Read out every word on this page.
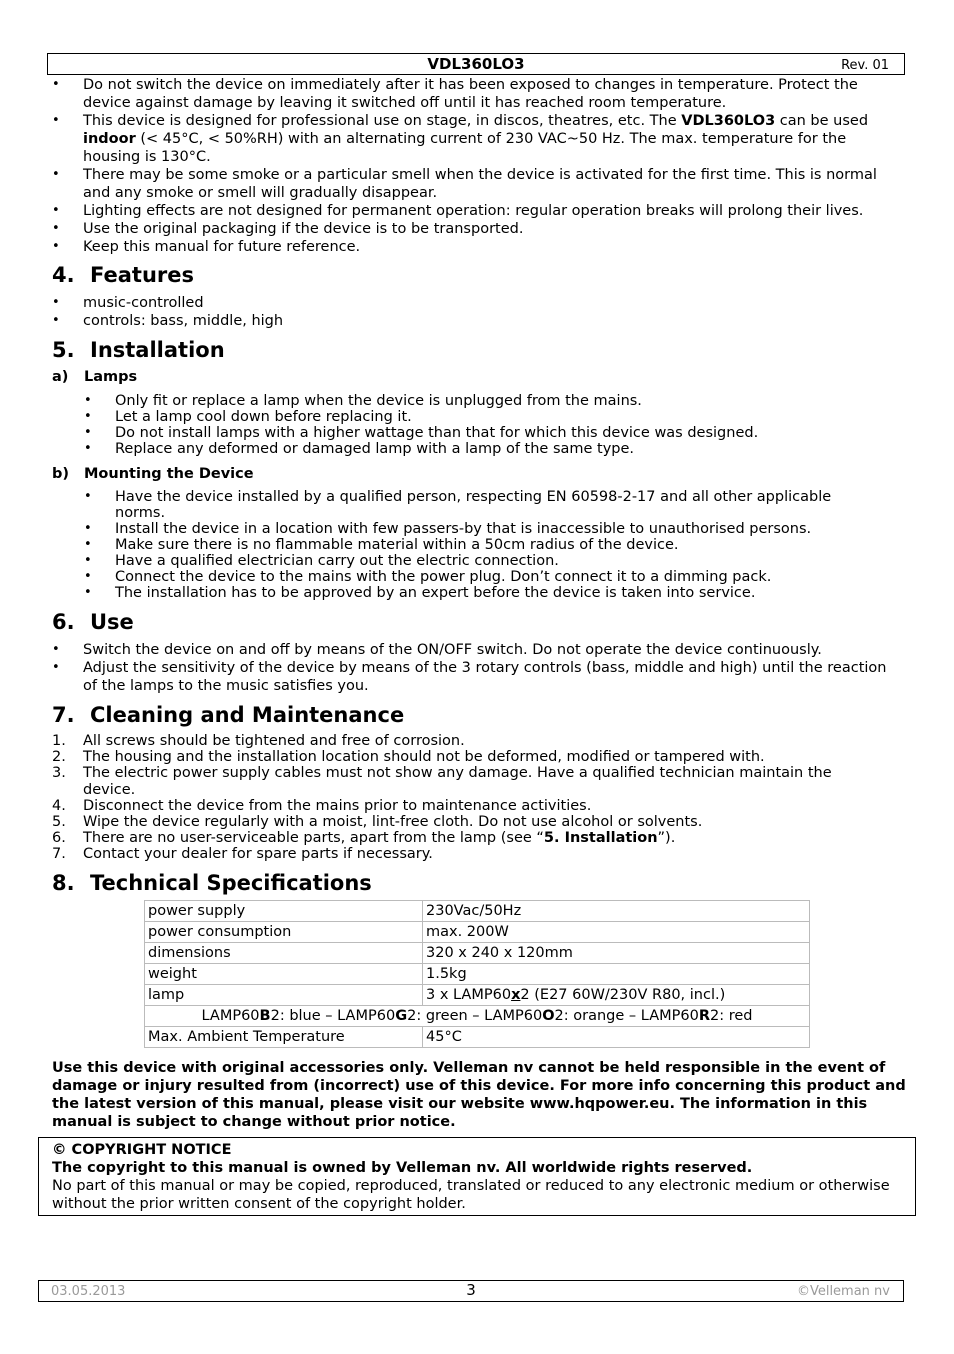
VDL360LO3	Rev. 01
• Do not switch the device on immediately after it has been exposed to changes in temperature. Protect the device against damage by leaving it switched off until it has reached room temperature.
• This device is designed for professional use on stage, in discos, theatres, etc. The VDL360LO3 can be used indoor (< 45°C, < 50%RH) with an alternating current of 230 VAC~50 Hz. The max. temperature for the housing is 130°C.
• There may be some smoke or a particular smell when the device is activated for the first time. This is normal and any smoke or smell will gradually disappear.
• Lighting effects are not designed for permanent operation: regular operation breaks will prolong their lives.
• Use the original packaging if the device is to be transported.
• Keep this manual for future reference.
4. Features
• music-controlled
• controls: bass, middle, high
5. Installation
a) Lamps
• Only fit or replace a lamp when the device is unplugged from the mains.
• Let a lamp cool down before replacing it.
• Do not install lamps with a higher wattage than that for which this device was designed.
• Replace any deformed or damaged lamp with a lamp of the same type.
b) Mounting the Device
• Have the device installed by a qualified person, respecting EN 60598-2-17 and all other applicable norms.
• Install the device in a location with few passers-by that is inaccessible to unauthorised persons.
• Make sure there is no flammable material within a 50cm radius of the device.
• Have a qualified electrician carry out the electric connection.
• Connect the device to the mains with the power plug. Don’t connect it to a dimming pack.
• The installation has to be approved by an expert before the device is taken into service.
6. Use
• Switch the device on and off by means of the ON/OFF switch. Do not operate the device continuously.
• Adjust the sensitivity of the device by means of the 3 rotary controls (bass, middle and high) until the reaction of the lamps to the music satisfies you.
7. Cleaning and Maintenance
1. All screws should be tightened and free of corrosion.
2. The housing and the installation location should not be deformed, modified or tampered with.
3. The electric power supply cables must not show any damage. Have a qualified technician maintain the device.
4. Disconnect the device from the mains prior to maintenance activities.
5. Wipe the device regularly with a moist, lint-free cloth. Do not use alcohol or solvents.
6. There are no user-serviceable parts, apart from the lamp (see “5. Installation”).
7. Contact your dealer for spare parts if necessary.
8. Technical Specifications
power supply	230Vac/50Hz
power consumption	max. 200W
dimensions	320 x 240 x 120mm
weight	1.5kg
lamp	3 x LAMP60x2 (E27 60W/230V R80, incl.)
LAMP60B2: blue – LAMP60G2: green – LAMP60O2: orange – LAMP60R2: red	
Max. Ambient Temperature	45°C
Use this device with original accessories only. Velleman nv cannot be held responsible in the event of damage or injury resulted from (incorrect) use of this device. For more info concerning this product and the latest version of this manual, please visit our website www.hqpower.eu. The information in this manual is subject to change without prior notice.
© COPYRIGHT NOTICE
The copyright to this manual is owned by Velleman nv. All worldwide rights reserved.
No part of this manual or may be copied, reproduced, translated or reduced to any electronic medium or otherwise without the prior written consent of the copyright holder.
03.05.2013	3	©Velleman nv
